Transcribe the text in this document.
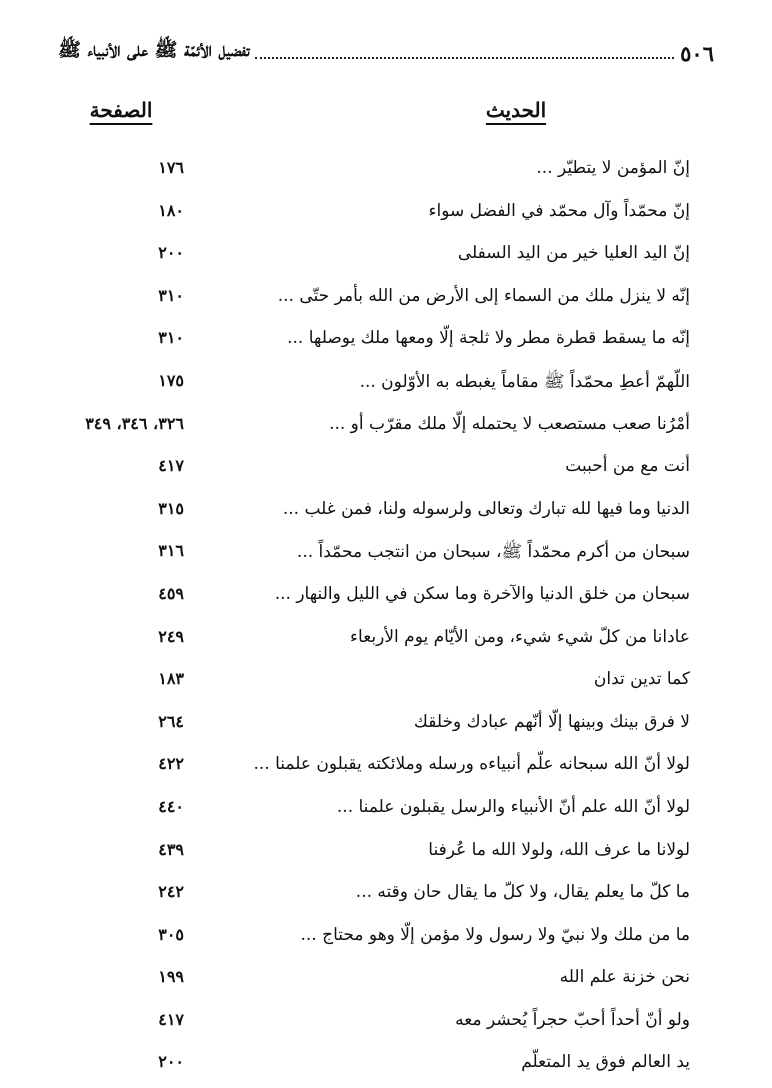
٥٠٦
تفضيل الأئمّة ﷺ على الأنبياء ﷺ
الحديث
الصفحة
إنّ المؤمن لا يتطيّر ...
١٧٦
إنّ محمّداً وآل محمّد في الفضل سواء
١٨٠
إنّ اليد العليا خير من اليد السفلى
٢٠٠
إنّه لا ينزل ملك من السماء إلى الأرض من الله بأمر حتّى ...
٣١٠
إنّه ما يسقط قطرة مطر ولا ثلجة إلّا ومعها ملك يوصلها ...
٣١٠
اللّهمّ أعطِ محمّداً ﷺ مقاماً يغبطه به الأوّلون ...
١٧٥
أمْرُنا صعب مستصعب لا يحتمله إلّا ملك مقرّب أو ...
٣٢٦، ٣٤٦، ٣٤٩
أنت مع من أحببت
٤١٧
الدنيا وما فيها لله تبارك وتعالى ولرسوله ولنا، فمن غلب ...
٣١٥
سبحان من أكرم محمّداً ﷺ، سبحان من انتجب محمّداً ...
٣١٦
سبحان من خلق الدنيا والآخرة وما سكن في الليل والنهار ...
٤٥٩
عادانا من كلّ شيء شيء، ومن الأيّام يوم الأربعاء
٢٤٩
كما تدين تدان
١٨٣
لا فرق بينك وبينها إلّا أنّهم عبادك وخلقك
٢٦٤
لولا أنّ الله سبحانه علّم أنبياءه ورسله وملائكته يقبلون علمنا ...
٤٢٢
لولا أنّ الله علم أنّ الأنبياء والرسل يقبلون علمنا ...
٤٤٠
لولانا ما عرف الله، ولولا الله ما عُرفنا
٤٣٩
ما كلّ ما يعلم يقال، ولا كلّ ما يقال حان وقته ...
٢٤٢
ما من ملك ولا نبيّ ولا رسول ولا مؤمن إلّا وهو محتاج ...
٣٠٥
نحن خزنة علم الله
١٩٩
ولو أنّ أحداً أحبّ حجراً يُحشر معه
٤١٧
يد العالم فوق يد المتعلّم
٢٠٠
